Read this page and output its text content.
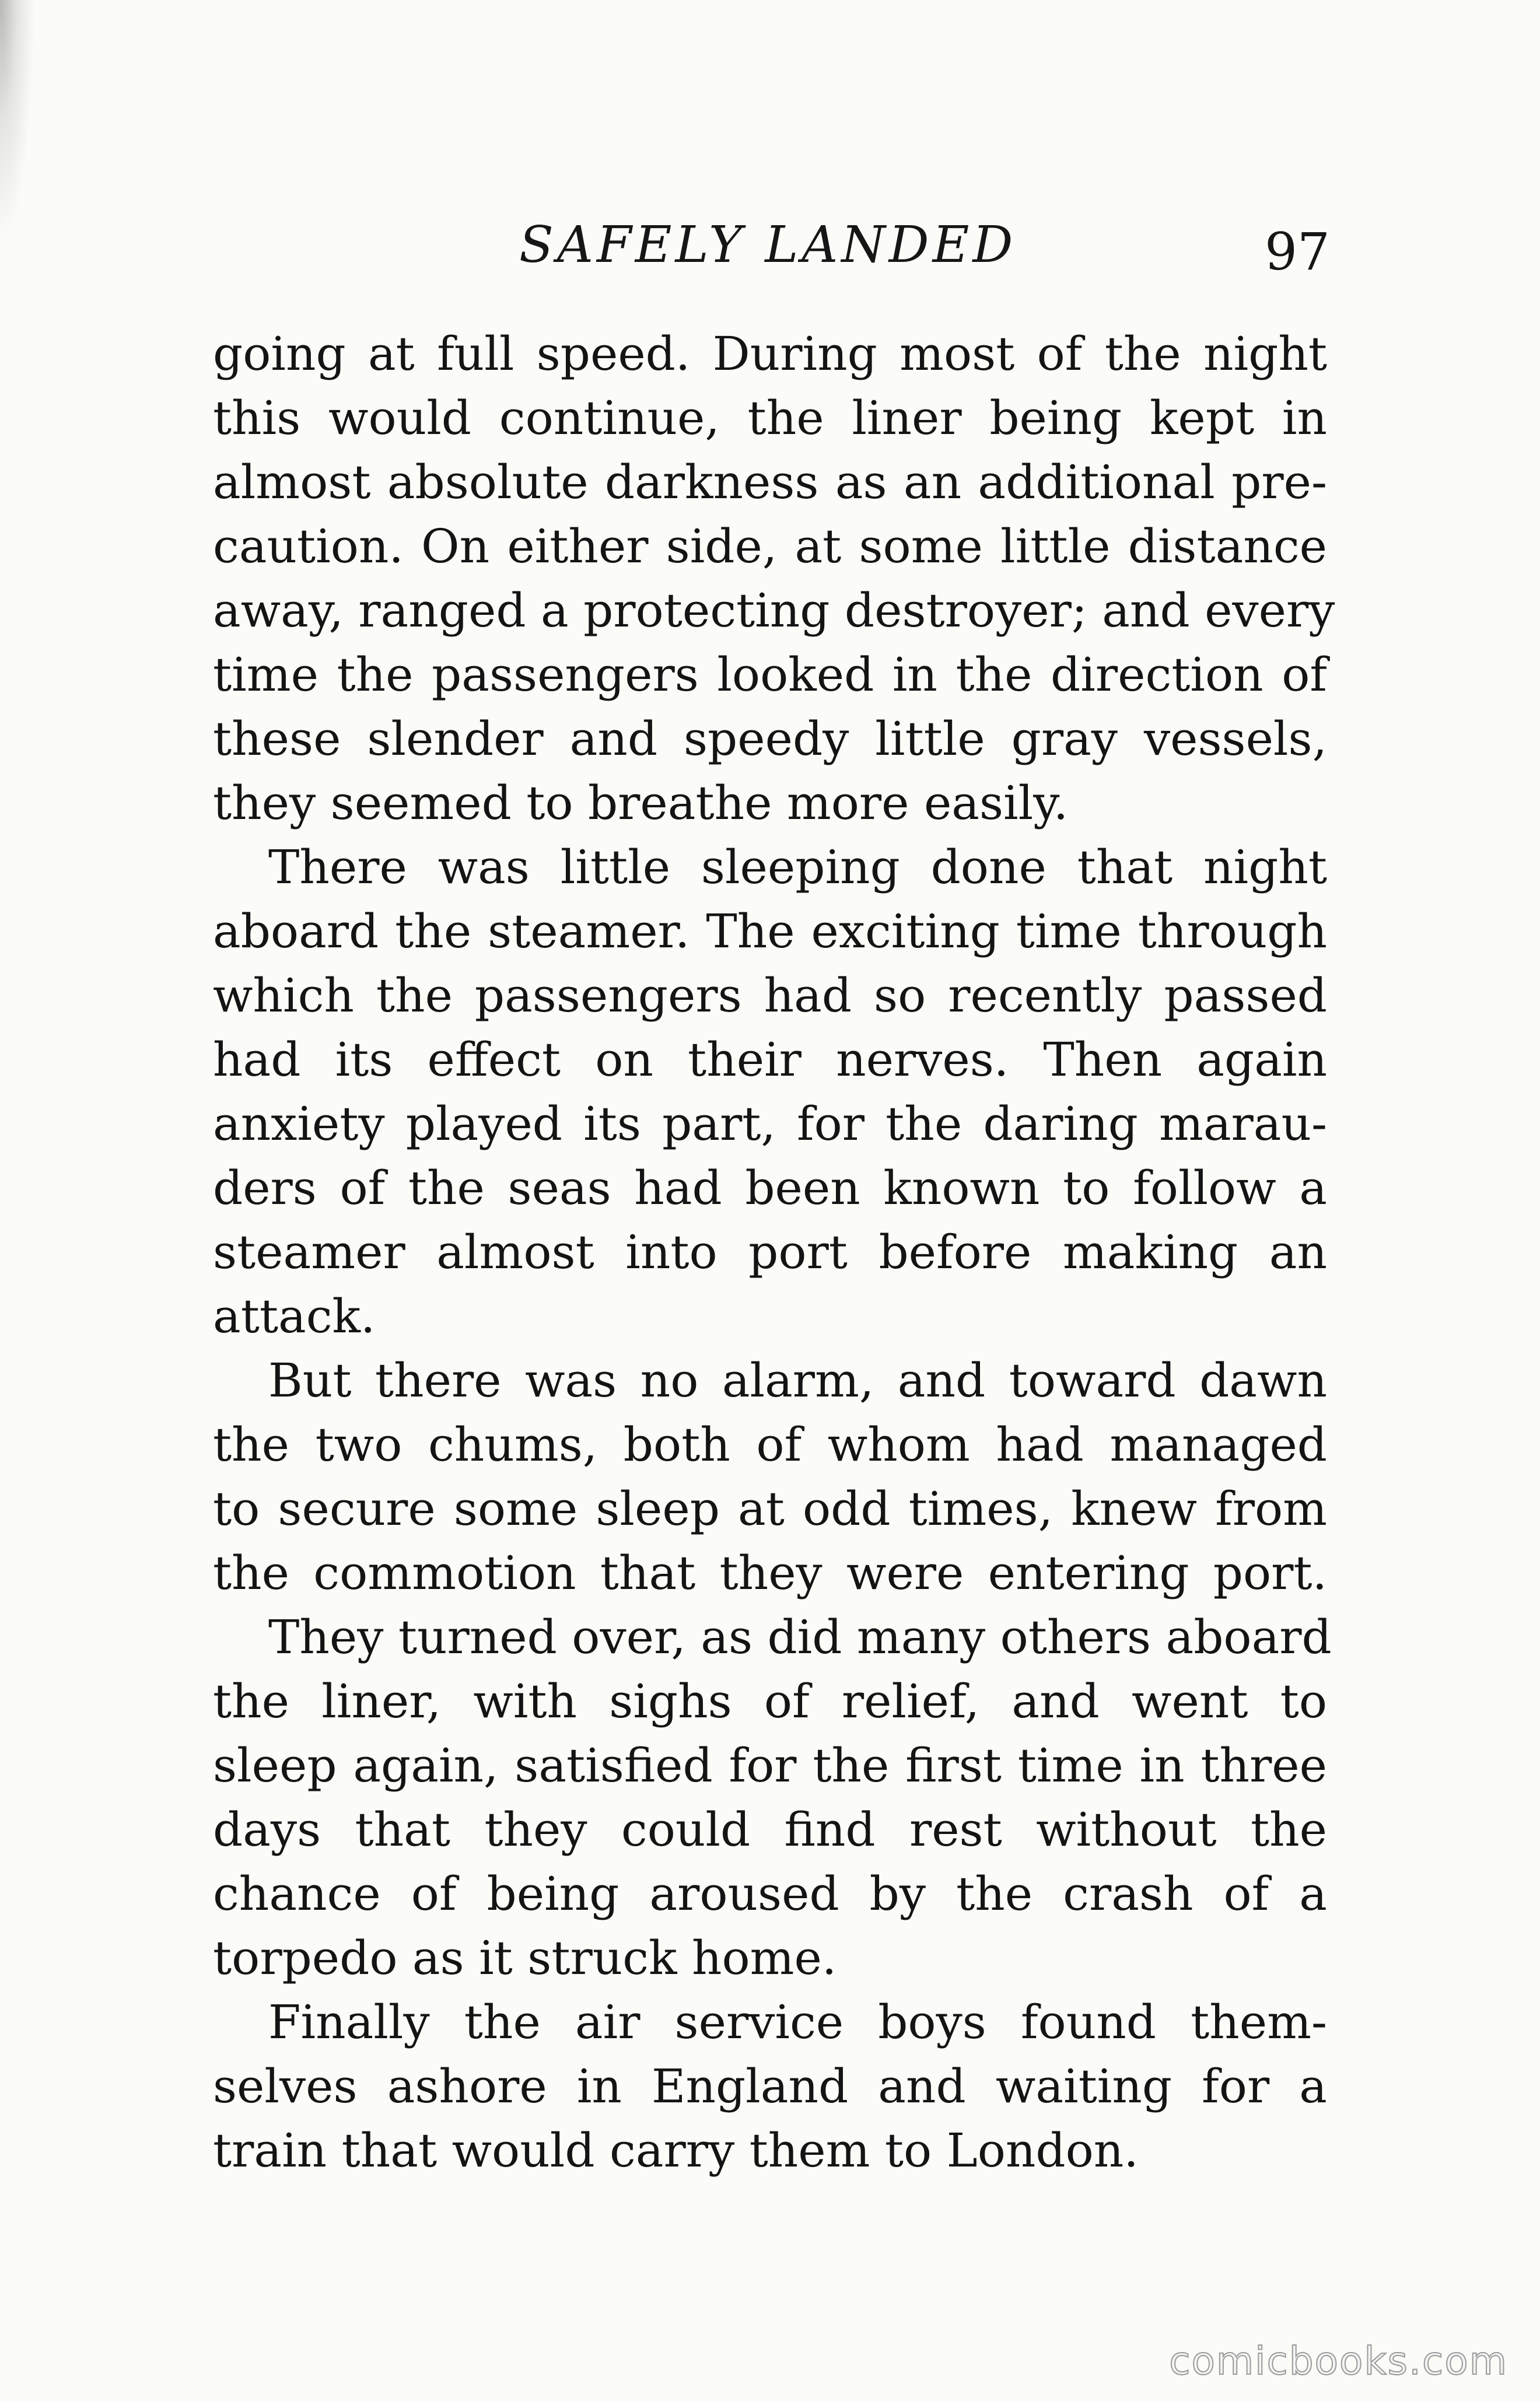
SAFELY LANDED	97
going at full speed. During most of the night
this would continue, the liner being kept in
almost absolute darkness as an additional pre-
caution. On either side, at some little distance
away, ranged a protecting destroyer; and every
time the passengers looked in the direction of
these slender and speedy little gray vessels,
they seemed to breathe more easily.
There was little sleeping done that night
aboard the steamer. The exciting time through
which the passengers had so recently passed
had its effect on their nerves. Then again
anxiety played its part, for the daring marau-
ders of the seas had been known to follow a
steamer almost into port before making an
attack.
But there was no alarm, and toward dawn
the two chums, both of whom had managed
to secure some sleep at odd times, knew from
the commotion that they were entering port.
They turned over, as did many others aboard
the liner, with sighs of relief, and went to
sleep again, satisfied for the first time in three
days that they could find rest without the
chance of being aroused by the crash of a
torpedo as it struck home.
Finally the air service boys found them-
selves ashore in England and waiting for a
train that would carry them to London.
comicbooks.com
